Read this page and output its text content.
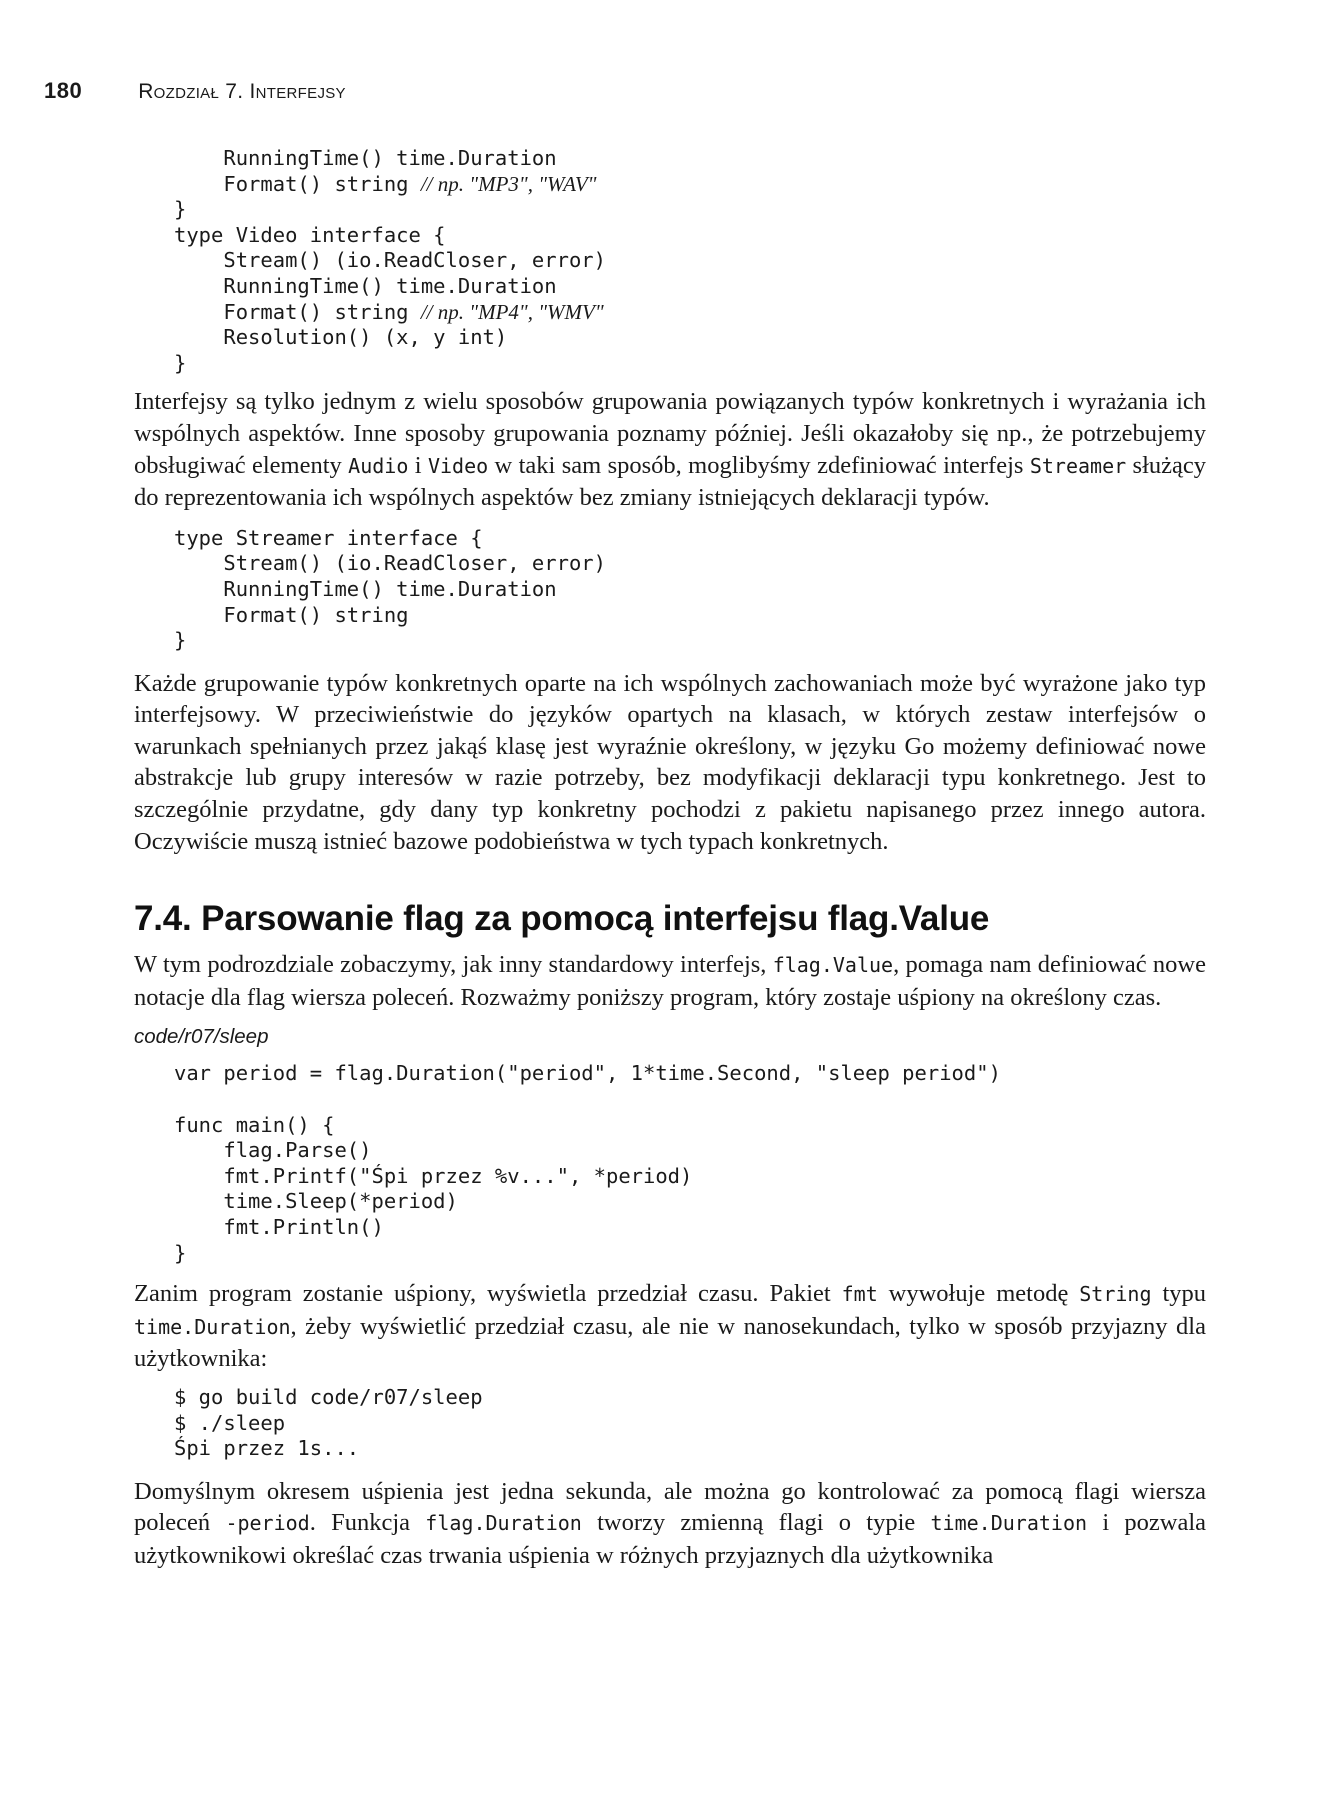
180	Rozdział 7. Interfejsy
RunningTime() time.Duration
Format() string // np. "MP3", "WAV"
}
type Video interface {
Stream() (io.ReadCloser, error)
RunningTime() time.Duration
Format() string // np. "MP4", "WMV"
Resolution() (x, y int)
}

Interfejsy są tylko jednym z wielu sposobów grupowania powiązanych typów konkretnych i wyrażania ich wspólnych aspektów. Inne sposoby grupowania poznamy później. Jeśli okazałoby się np., że potrzebujemy obsługiwać elementy Audio i Video w taki sam sposób, moglibyśmy zdefiniować interfejs Streamer służący do reprezentowania ich wspólnych aspektów bez zmiany istniejących deklaracji typów.

type Streamer interface {
Stream() (io.ReadCloser, error)
RunningTime() time.Duration
Format() string
}

Każde grupowanie typów konkretnych oparte na ich wspólnych zachowaniach może być wyrażone jako typ interfejsowy. W przeciwieństwie do języków opartych na klasach, w których zestaw interfejsów o warunkach spełnianych przez jakąś klasę jest wyraźnie określony, w języku Go możemy definiować nowe abstrakcje lub grupy interesów w razie potrzeby, bez modyfikacji deklaracji typu konkretnego. Jest to szczególnie przydatne, gdy dany typ konkretny pochodzi z pakietu napisanego przez innego autora. Oczywiście muszą istnieć bazowe podobieństwa w tych typach konkretnych.

7.4. Parsowanie flag za pomocą interfejsu flag.Value

W tym podrozdziale zobaczymy, jak inny standardowy interfejs, flag.Value, pomaga nam definiować nowe notacje dla flag wiersza poleceń. Rozważmy poniższy program, który zostaje uśpiony na określony czas.

code/r07/sleep
var period = flag.Duration("period", 1*time.Second, "sleep period")

func main() {
flag.Parse()
fmt.Printf("Śpi przez %v...", *period)
time.Sleep(*period)
fmt.Println()
}

Zanim program zostanie uśpiony, wyświetla przedział czasu. Pakiet fmt wywołuje metodę String typu time.Duration, żeby wyświetlić przedział czasu, ale nie w nanosekundach, tylko w sposób przyjazny dla użytkownika:

$ go build code/r07/sleep
$ ./sleep
Śpi przez 1s...

Domyślnym okresem uśpienia jest jedna sekunda, ale można go kontrolować za pomocą flagi wiersza poleceń -period. Funkcja flag.Duration tworzy zmienną flagi o typie time.Duration i pozwala użytkownikowi określać czas trwania uśpienia w różnych przyjaznych dla użytkownika
